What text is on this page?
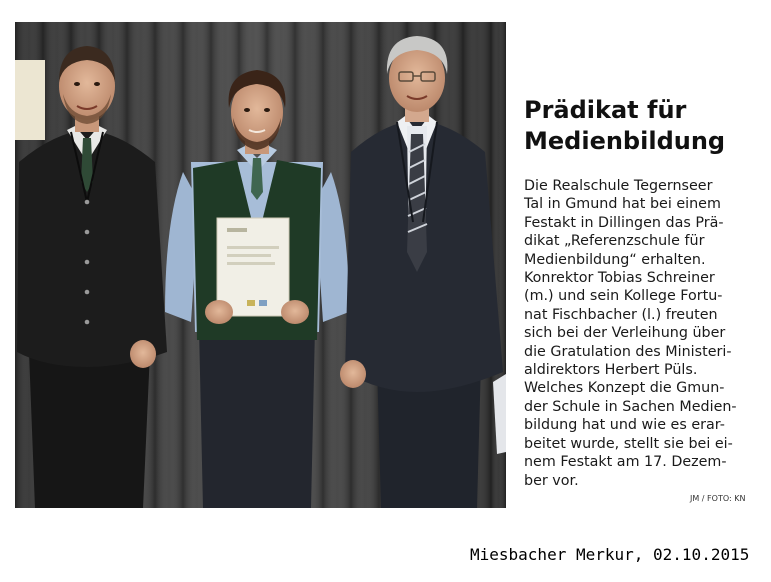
Prädikat für
Medienbildung
Die Realschule Tegernseer
Tal in Gmund hat bei einem
Festakt in Dillingen das Prä-
dikat „Referenzschule für
Medienbildung“ erhalten.
Konrektor Tobias Schreiner
(m.) und sein Kollege Fortu-
nat Fischbacher (l.) freuten
sich bei der Verleihung über
die Gratulation des Ministeri-
aldirektors Herbert Püls.
Welches Konzept die Gmun-
der Schule in Sachen Medien-
bildung hat und wie es erar-
beitet wurde, stellt sie bei ei-
nem Festakt am 17. Dezem-
ber vor.
JM / FOTO: KN
Miesbacher Merkur, 02.10.2015
